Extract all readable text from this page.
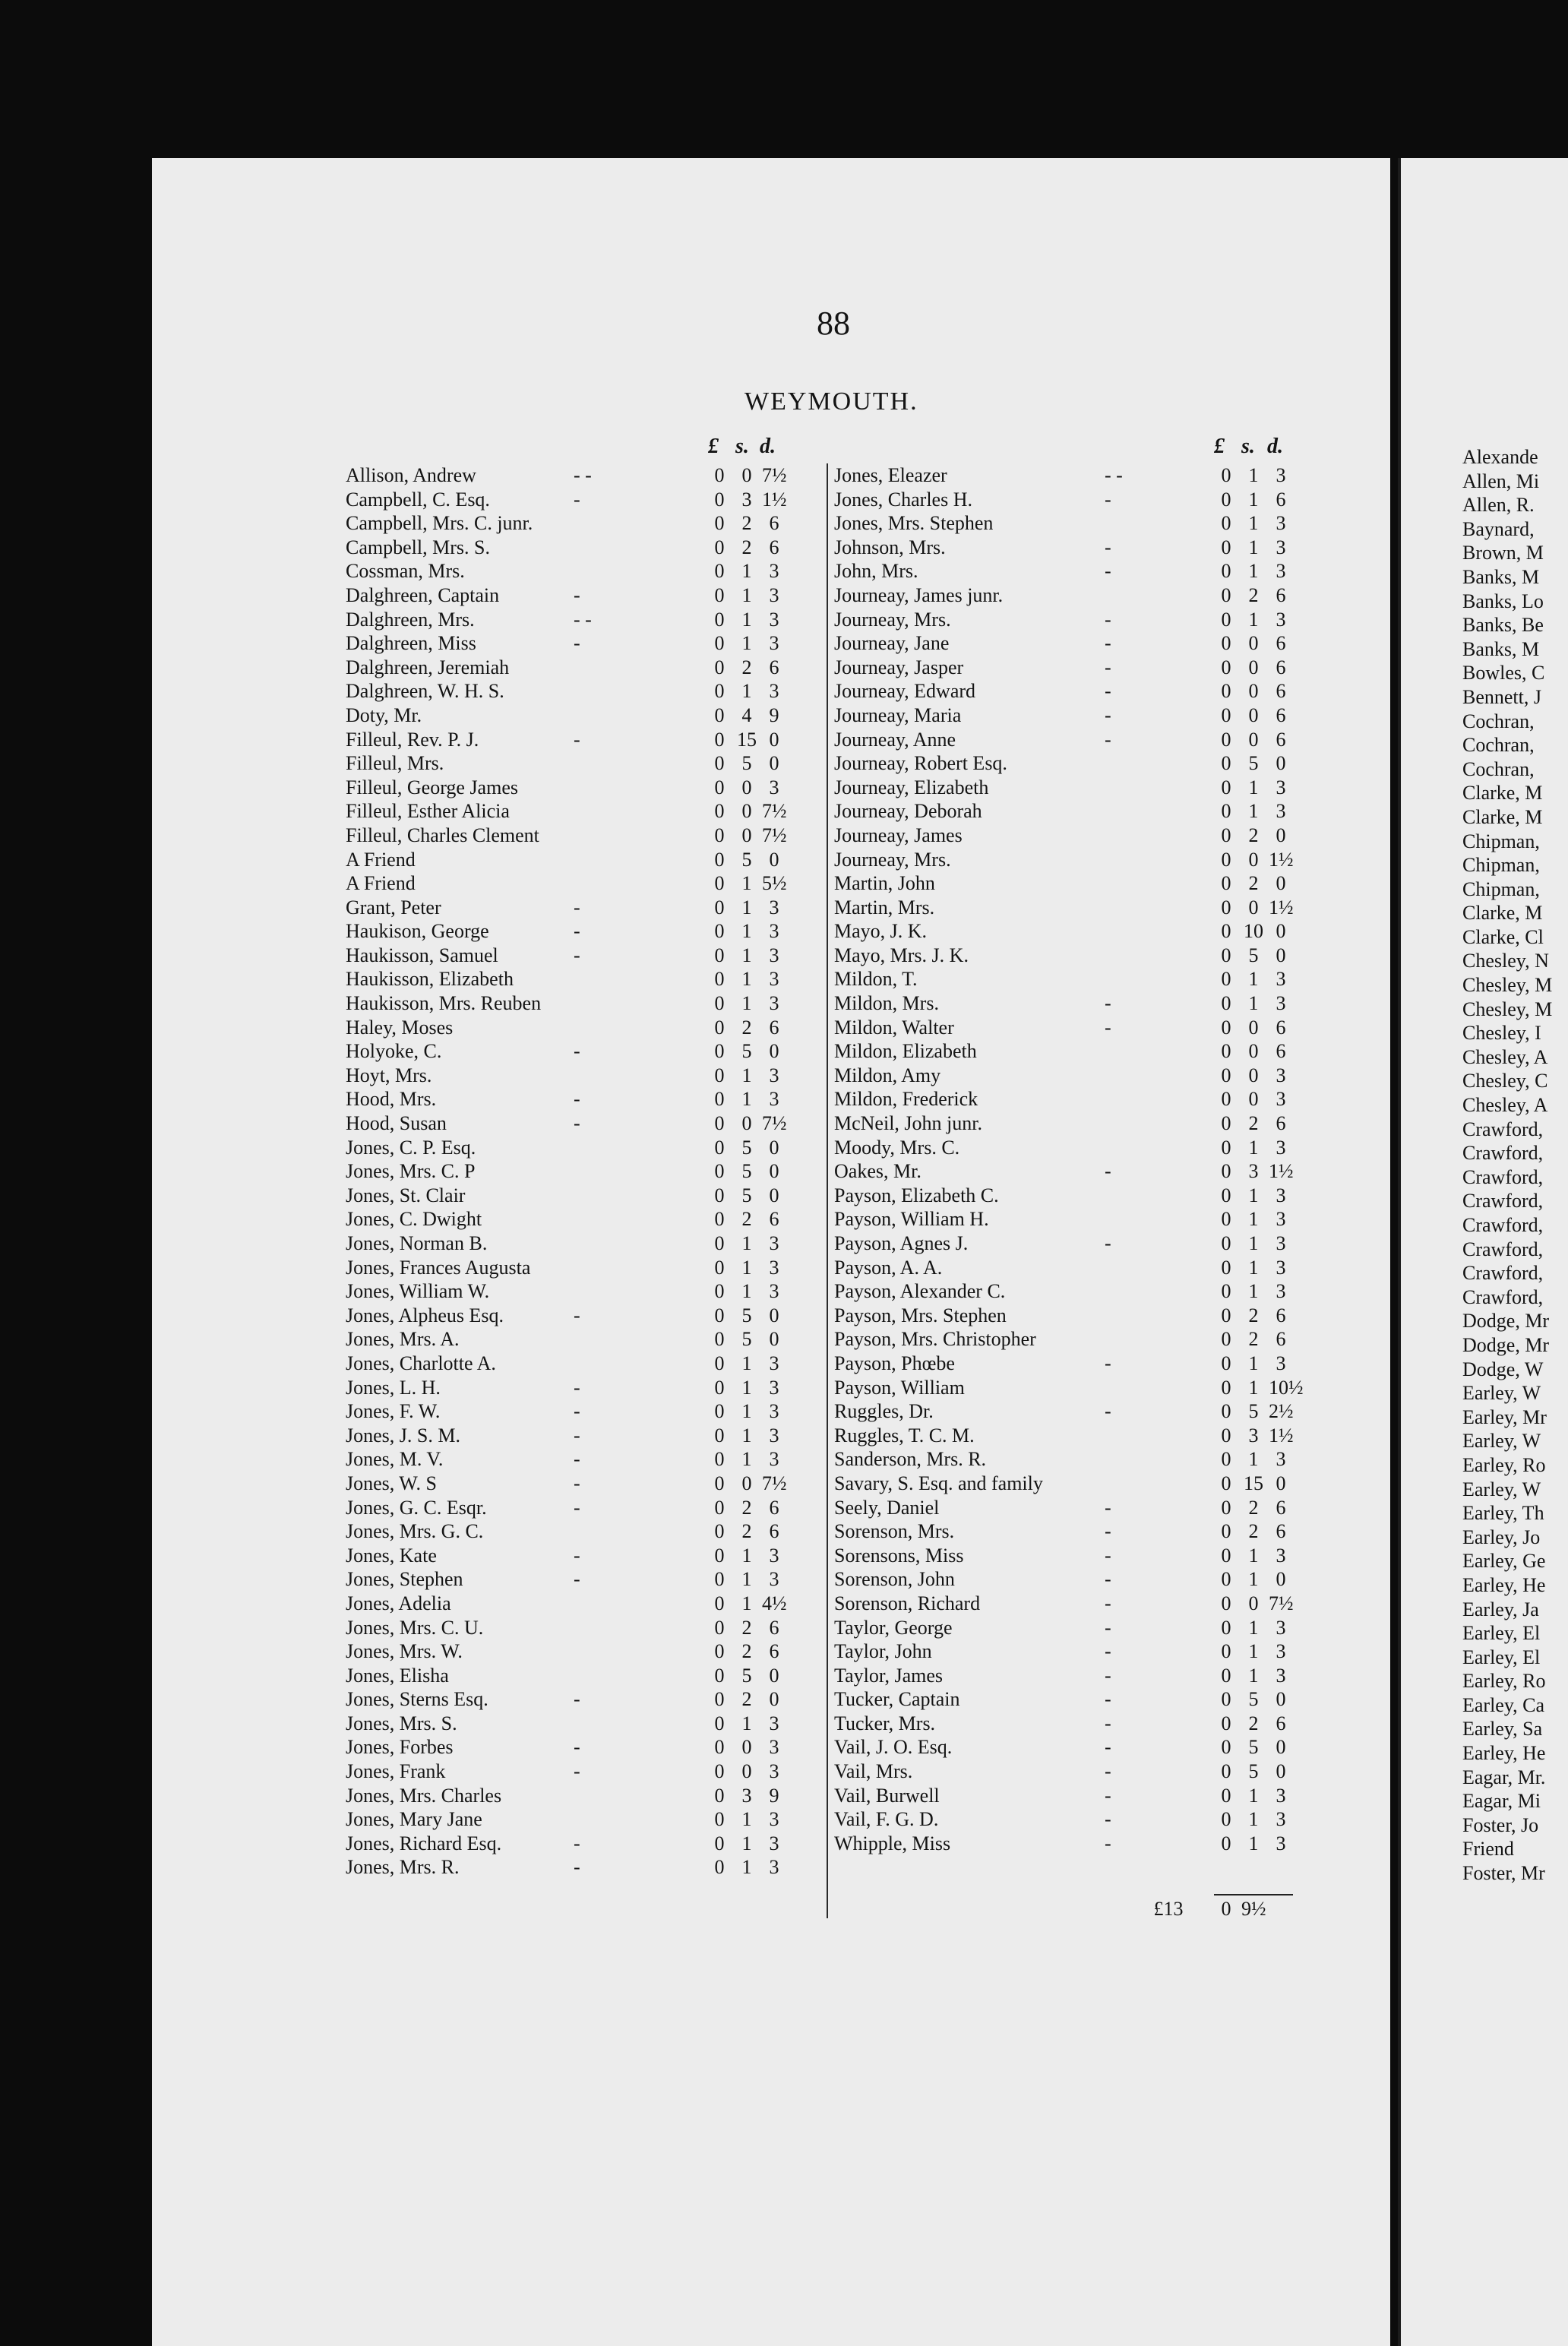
88
WEYMOUTH.
£ s. d.	£ s. d.
Allison, Andrew	- -	0 0 7½
Campbell, C. Esq.	-	0 3 1½
Campbell, Mrs. C. junr.	0 2 6
Campbell, Mrs. S.	0 2 6
Cossman, Mrs.	0 1 3
Dalghreen, Captain	-	0 1 3
Dalghreen, Mrs.	- -	0 1 3
Dalghreen, Miss	-	0 1 3
Dalghreen, Jeremiah	0 2 6
Dalghreen, W. H. S.	0 1 3
Doty, Mr.	0 4 9
Filleul, Rev. P. J.	-	0 15 0
Filleul, Mrs.	0 5 0
Filleul, George James	0 0 3
Filleul, Esther Alicia	0 0 7½
Filleul, Charles Clement	0 0 7½
A Friend	0 5 0
A Friend	0 1 5½
Grant, Peter	-	0 1 3
Haukison, George	-	0 1 3
Haukisson, Samuel	-	0 1 3
Haukisson, Elizabeth	0 1 3
Haukisson, Mrs. Reuben	0 1 3
Haley, Moses	0 2 6
Holyoke, C.	-	0 5 0
Hoyt, Mrs.	0 1 3
Hood, Mrs.	-	0 1 3
Hood, Susan	-	0 0 7½
Jones, C. P. Esq.	0 5 0
Jones, Mrs. C. P	0 5 0
Jones, St. Clair	0 5 0
Jones, C. Dwight	0 2 6
Jones, Norman B.	0 1 3
Jones, Frances Augusta	0 1 3
Jones, William W.	0 1 3
Jones, Alpheus Esq.	-	0 5 0
Jones, Mrs. A.	0 5 0
Jones, Charlotte A.	0 1 3
Jones, L. H.	-	0 1 3
Jones, F. W.	-	0 1 3
Jones, J. S. M.	-	0 1 3
Jones, M. V.	-	0 1 3
Jones, W. S	-	0 0 7½
Jones, G. C. Esqr.	-	0 2 6
Jones, Mrs. G. C.	0 2 6
Jones, Kate	-	0 1 3
Jones, Stephen	-	0 1 3
Jones, Adelia	0 1 4½
Jones, Mrs. C. U.	0 2 6
Jones, Mrs. W.	0 2 6
Jones, Elisha	0 5 0
Jones, Sterns Esq.	-	0 2 0
Jones, Mrs. S.	0 1 3
Jones, Forbes	-	0 0 3
Jones, Frank	-	0 0 3
Jones, Mrs. Charles	0 3 9
Jones, Mary Jane	0 1 3
Jones, Richard Esq.	-	0 1 3
Jones, Mrs. R.	-	0 1 3
Jones, Eleazer	- -	0 1 3
Jones, Charles H.	-	0 1 6
Jones, Mrs. Stephen	0 1 3
Johnson, Mrs.	-	0 1 3
John, Mrs.	-	0 1 3
Journeay, James junr.	0 2 6
Journeay, Mrs.	-	0 1 3
Journeay, Jane	-	0 0 6
Journeay, Jasper	-	0 0 6
Journeay, Edward	-	0 0 6
Journeay, Maria	-	0 0 6
Journeay, Anne	-	0 0 6
Journeay, Robert Esq.	0 5 0
Journeay, Elizabeth	0 1 3
Journeay, Deborah	0 1 3
Journeay, James	0 2 0
Journeay, Mrs.	0 0 1½
Martin, John	0 2 0
Martin, Mrs.	0 0 1½
Mayo, J. K.	0 10 0
Mayo, Mrs. J. K.	0 5 0
Mildon, T.	0 1 3
Mildon, Mrs.	-	0 1 3
Mildon, Walter	-	0 0 6
Mildon, Elizabeth	0 0 6
Mildon, Amy	0 0 3
Mildon, Frederick	0 0 3
McNeil, John junr.	0 2 6
Moody, Mrs. C.	0 1 3
Oakes, Mr.	-	0 3 1½
Payson, Elizabeth C.	0 1 3
Payson, William H.	0 1 3
Payson, Agnes J.	-	0 1 3
Payson, A. A.	0 1 3
Payson, Alexander C.	0 1 3
Payson, Mrs. Stephen	0 2 6
Payson, Mrs. Christopher	0 2 6
Payson, Phœbe	-	0 1 3
Payson, William	0 1 10½
Ruggles, Dr.	-	0 5 2½
Ruggles, T. C. M.	0 3 1½
Sanderson, Mrs. R.	0 1 3
Savary, S. Esq. and family	0 15 0
Seely, Daniel	-	0 2 6
Sorenson, Mrs.	-	0 2 6
Sorensons, Miss	-	0 1 3
Sorenson, John	-	0 1 0
Sorenson, Richard	-	0 0 7½
Taylor, George	-	0 1 3
Taylor, John	-	0 1 3
Taylor, James	-	0 1 3
Tucker, Captain	-	0 5 0
Tucker, Mrs.	-	0 2 6
Vail, J. O. Esq.	-	0 5 0
Vail, Mrs.	-	0 5 0
Vail, Burwell	-	0 1 3
Vail, F. G. D.	-	0 1 3
Whipple, Miss	-	0 1 3
£13	0 9½
Alexande
Allen, Mi
Allen, R.
Baynard,
Brown, M
Banks, M
Banks, Lo
Banks, Be
Banks, M
Bowles, C
Bennett, J
Cochran,
Cochran,
Cochran,
Clarke, M
Clarke, M
Chipman,
Chipman,
Chipman,
Clarke, M
Clarke, Cl
Chesley, N
Chesley, M
Chesley, M
Chesley, I
Chesley, A
Chesley, C
Chesley, A
Crawford,
Crawford,
Crawford,
Crawford,
Crawford,
Crawford,
Crawford,
Crawford,
Dodge, Mr
Dodge, Mr
Dodge, W
Earley, W
Earley, Mr
Earley, W
Earley, Ro
Earley, W
Earley, Th
Earley, Jo
Earley, Ge
Earley, He
Earley, Ja
Earley, El
Earley, El
Earley, Ro
Earley, Ca
Earley, Sa
Earley, He
Eagar, Mr.
Eagar, Mi
Foster, Jo
Friend
Foster, Mr
